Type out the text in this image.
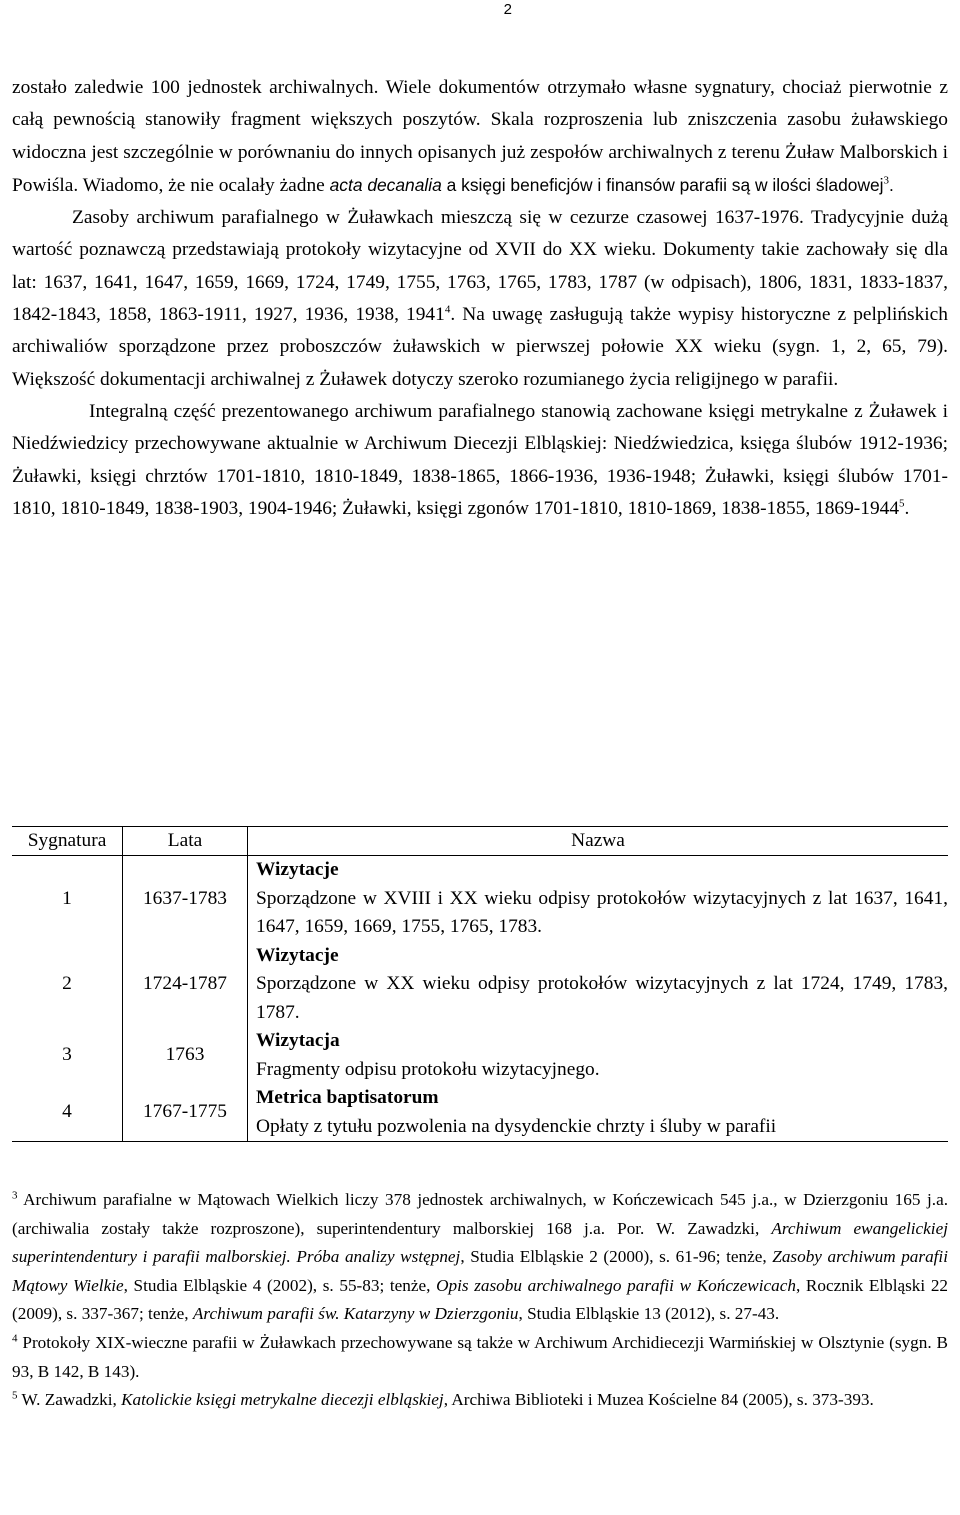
2

zostało zaledwie 100 jednostek archiwalnych. Wiele dokumentów otrzymało własne sygnatury, chociaż pierwotnie z całą pewnością stanowiły fragment większych poszytów. Skala rozproszenia lub zniszczenia zasobu żuławskiego widoczna jest szczególnie w porównaniu do innych opisanych już zespołów archiwalnych z terenu Żuław Malborskich i Powiśla. Wiadomo, że nie ocalały żadne acta decanalia a księgi beneficjów i finansów parafii są w ilości śladowej$^3$.

Zasoby archiwum parafialnego w Żuławkach mieszczą się w cezurze czasowej 1637-1976. Tradycyjnie dużą wartość poznawczą przedstawiają protokoły wizytacyjne od XVII do XX wieku. Dokumenty takie zachowały się dla lat: 1637, 1641, 1647, 1659, 1669, 1724, 1749, 1755, 1763, 1765, 1783, 1787 (w odpisach), 1806, 1831, 1833-1837, 1842-1843, 1858, 1863-1911, 1927, 1936, 1938, 1941$^4$. Na uwagę zasługują także wypisy historyczne z pelplińskich archiwaliów sporządzone przez proboszczów żuławskich w pierwszej połowie XX wieku (sygn. 1, 2, 65, 79). Większość dokumentacji archiwalnej z Żuławek dotyczy szeroko rozumianego życia religijnego w parafii.

Integralną część prezentowanego archiwum parafialnego stanowią zachowane księgi metrykalne z Żuławek i Niedźwiedzicy przechowywane aktualnie w Archiwum Diecezji Elbląskiej: Niedźwiedzica, księga ślubów 1912-1936; Żuławki, księgi chrztów 1701-1810, 1810-1849, 1838-1865, 1866-1936, 1936-1948; Żuławki, księgi ślubów 1701-1810, 1810-1849, 1838-1903, 1904-1946; Żuławki, księgi zgonów 1701-1810, 1810-1869, 1838-1855, 1869-1944$^5$.

Sygnatura	Lata	Nazwa
1	1637-1783	Wizytacje
Sporządzone w XVIII i XX wieku odpisy protokołów wizytacyjnych z lat 1637, 1641, 1647, 1659, 1669, 1755, 1765, 1783.

2	1724-1787	Wizytacje
Sporządzone w XX wieku odpisy protokołów wizytacyjnych z lat 1724, 1749, 1783, 1787.

3	1763	Wizytacja
Fragmenty odpisu protokołu wizytacyjnego.

4	1767-1775	Metrica baptisatorum
Opłaty z tytułu pozwolenia na dysydenckie chrzty i śluby w parafii

$^3$ Archiwum parafialne w Mątowach Wielkich liczy 378 jednostek archiwalnych, w Kończewicach 545 j.a., w Dzierzgoniu 165 j.a. (archiwalia zostały także rozproszone), superintendentury malborskiej 168 j.a. Por. W. Zawadzki, Archiwum ewangelickiej superintendentury i parafii malborskiej. Próba analizy wstępnej, Studia Elbląskie 2 (2000), s. 61-96; tenże, Zasoby archiwum parafii Mątowy Wielkie, Studia Elbląskie 4 (2002), s. 55-83; tenże, Opis zasobu archiwalnego parafii w Kończewicach, Rocznik Elbląski 22 (2009), s. 337-367; tenże, Archiwum parafii św. Katarzyny w Dzierzgoniu, Studia Elbląskie 13 (2012), s. 27-43.

$^4$ Protokoły XIX-wieczne parafii w Żuławkach przechowywane są także w Archiwum Archidiecezji Warmińskiej w Olsztynie (sygn. B 93, B 142, B 143).

$^5$ W. Zawadzki, Katolickie księgi metrykalne diecezji elbląskiej, Archiwa Biblioteki i Muzea Kościelne 84 (2005), s. 373-393.
